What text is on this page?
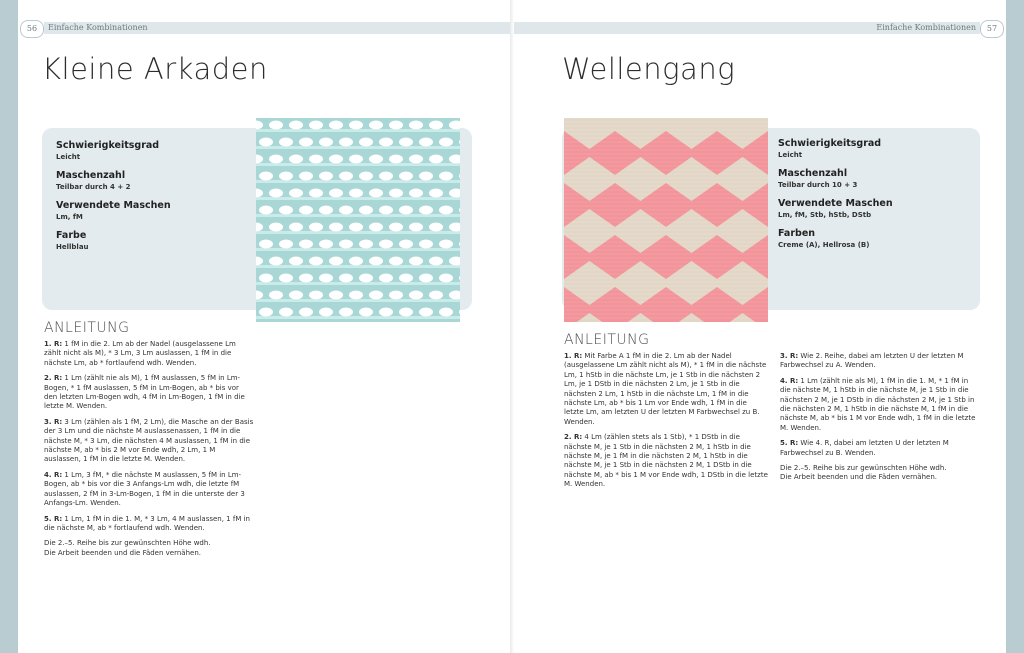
56	Einfache Kombinationen
Kleine Arkaden
Schwierigkeitsgrad
Leicht
Maschenzahl
Teilbar durch 4 + 2
Verwendete Maschen
Lm, fM
Farbe
Hellblau
ANLEITUNG

1. R: 1 fM in die 2. Lm ab der Nadel (ausgelassene Lm zählt nicht als M), * 3 Lm, 3 Lm auslassen, 1 fM in die nächste Lm, ab * fortlaufend wdh. Wenden.

2. R: 1 Lm (zählt nie als M), 1 fM auslassen, 5 fM in Lm-Bogen, * 1 fM auslassen, 5 fM in Lm-Bogen, ab * bis vor den letzten Lm-Bogen wdh, 4 fM in Lm-Bogen, 1 fM in die letzte M. Wenden.

3. R: 3 Lm (zählen als 1 fM, 2 Lm), die Masche an der Basis der 3 Lm und die nächste M auslassenassen, 1 fM in die nächste M, * 3 Lm, die nächsten 4 M auslassen, 1 fM in die nächste M, ab * bis 2 M vor Ende wdh, 2 Lm, 1 M auslassen, 1 fM in die letzte M. Wenden.

4. R: 1 Lm, 3 fM, * die nächste M auslassen, 5 fM in Lm-Bogen, ab * bis vor die 3 Anfangs-Lm wdh, die letzte fM auslassen, 2 fM in 3-Lm-Bogen, 1 fM in die unterste der 3 Anfangs-Lm. Wenden.

5. R: 1 Lm, 1 fM in die 1. M, * 3 Lm, 4 M auslassen, 1 fM in die nächste M, ab * fortlaufend wdh. Wenden.

Die 2.–5. Reihe bis zur gewünschten Höhe wdh.
Die Arbeit beenden und die Fäden vernähen.

57
Einfache Kombinationen
Wellengang
Schwierigkeitsgrad
Leicht
Maschenzahl
Teilbar durch 10 + 3
Verwendete Maschen
Lm, fM, Stb, hStb, DStb
Farben
Creme (A), Hellrosa (B)
ANLEITUNG

1. R: Mit Farbe A 1 fM in die 2. Lm ab der Nadel (ausgelassene Lm zählt nicht als M), * 1 fM in die nächste Lm, 1 hStb in die nächste Lm, je 1 Stb in die nächsten 2 Lm, je 1 DStb in die nächsten 2 Lm, je 1 Stb in die nächsten 2 Lm, 1 hStb in die nächste Lm, 1 fM in die nächste Lm, ab * bis 1 Lm vor Ende wdh, 1 fM in die letzte Lm, am letzten U der letzten M Farbwechsel zu B. Wenden.

2. R: 4 Lm (zählen stets als 1 Stb), * 1 DStb in die nächste M, je 1 Stb in die nächsten 2 M, 1 hStb in die nächste M, je 1 fM in die nächsten 2 M, 1 hStb in die nächste M, je 1 Stb in die nächsten 2 M, 1 DStb in die nächste M, ab * bis 1 M vor Ende wdh, 1 DStb in die letzte M. Wenden.

3. R: Wie 2. Reihe, dabei am letzten U der letzten M Farbwechsel zu A. Wenden.

4. R: 1 Lm (zählt nie als M), 1 fM in die 1. M, * 1 fM in die nächste M, 1 hStb in die nächste M, je 1 Stb in die nächsten 2 M, je 1 DStb in die nächsten 2 M, je 1 Stb in die nächsten 2 M, 1 hStb in die nächste M, 1 fM in die nächste M, ab * bis 1 M vor Ende wdh, 1 fM in die letzte M. Wenden.

5. R: Wie 4. R, dabei am letzten U der letzten M Farbwechsel zu B. Wenden.

Die 2.–5. Reihe bis zur gewünschten Höhe wdh.
Die Arbeit beenden und die Fäden vernähen.
